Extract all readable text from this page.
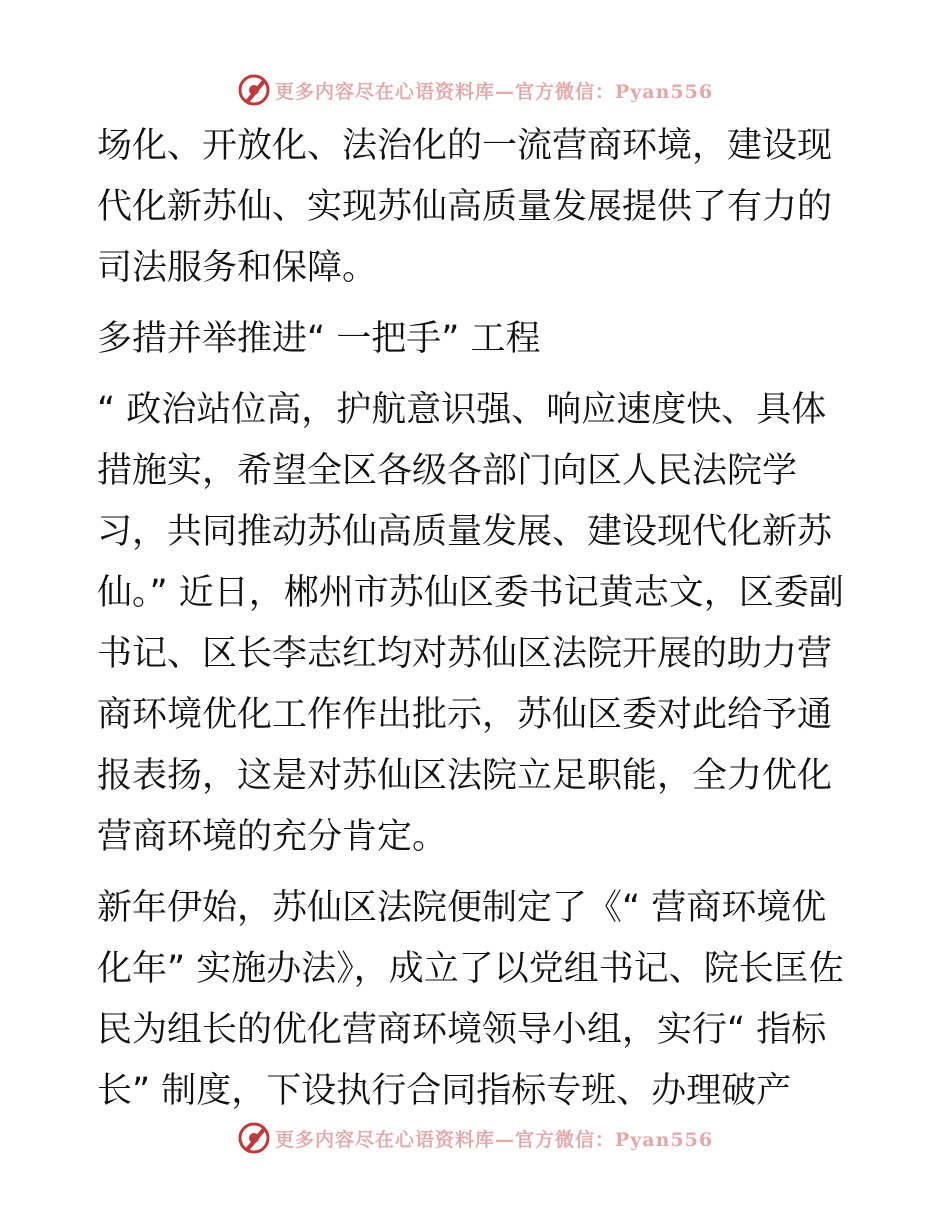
更多内容尽在心语资料库—官方微信：Pyan556

场化、开放化、法治化的一流营商环境，建设现代化新苏仙、实现苏仙高质量发展提供了有力的司法服务和保障。

多措并举推进“ 一把手” 工程

“ 政治站位高，护航意识强、响应速度快、具体措施实，希望全区各级各部门向区人民法院学习，共同推动苏仙高质量发展、建设现代化新苏仙。” 近日，郴州市苏仙区委书记黄志文，区委副书记、区长李志红均对苏仙区法院开展的助力营商环境优化工作作出批示，苏仙区委对此给予通报表扬，这是对苏仙区法院立足职能，全力优化营商环境的充分肯定。

新年伊始，苏仙区法院便制定了《“ 营商环境优化年” 实施办法》，成立了以党组书记、院长匡佐民为组长的优化营商环境领导小组，实行“ 指标长” 制度，下设执行合同指标专班、办理破产

更多内容尽在心语资料库—官方微信：Pyan556
